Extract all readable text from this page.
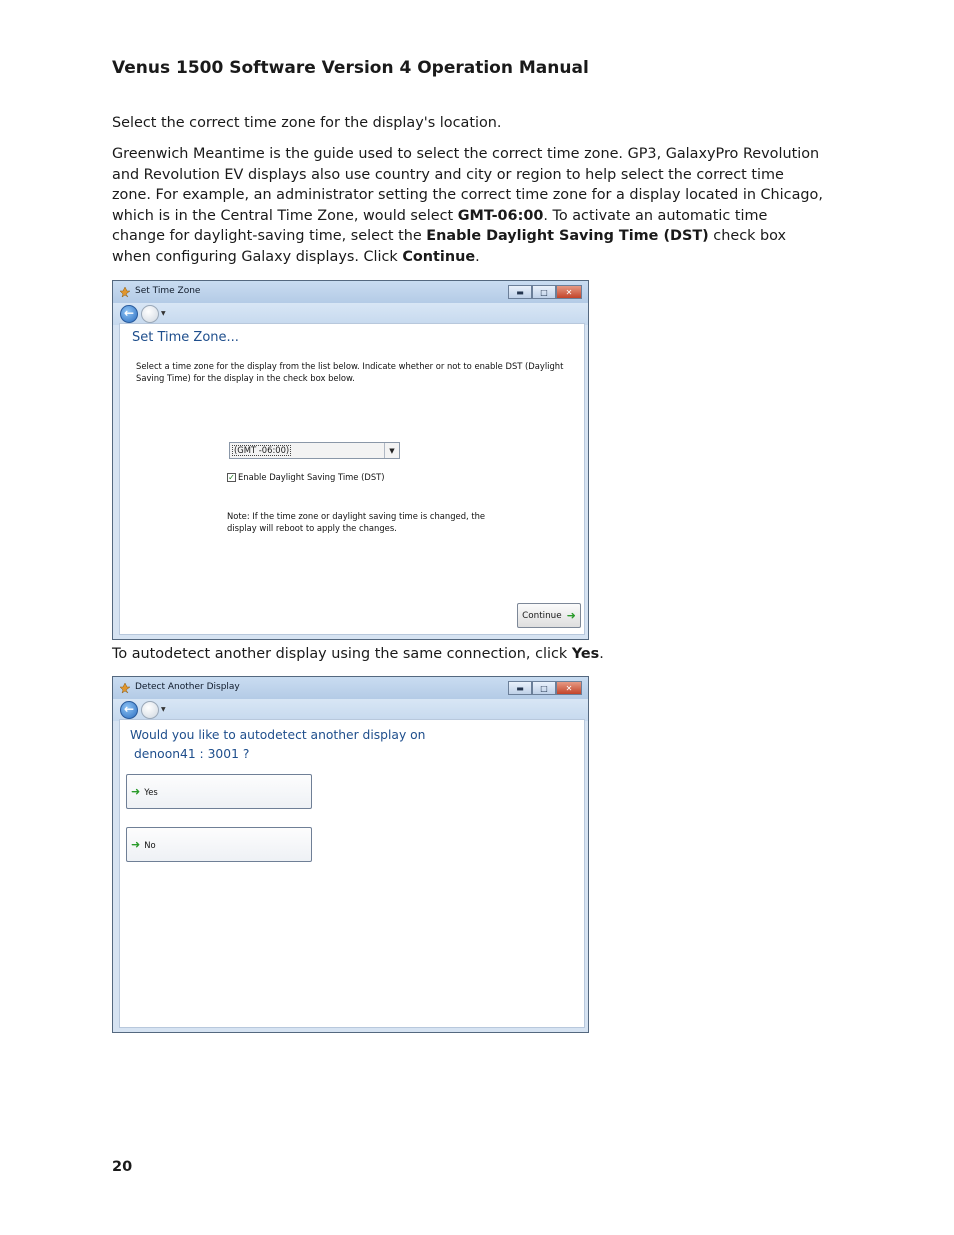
Venus 1500 Software Version 4 Operation Manual
Select the correct time zone for the display's location.
Greenwich Meantime is the guide used to select the correct time zone. GP3, GalaxyPro Revolution and Revolution EV displays also use country and city or region to help select the correct time zone. For example, an administrator setting the correct time zone for a display located in Chicago, which is in the Central Time Zone, would select GMT-06:00. To activate an automatic time change for daylight-saving time, select the Enable Daylight Saving Time (DST) check box when configuring Galaxy displays. Click Continue.
Set Time Zone	▬	□	✕
←	▼
Set Time Zone...
Select a time zone for the display from the list below. Indicate whether or not to enable DST (Daylight Saving Time) for the display in the check box below.
(GMT -06:00)	▼
✓ Enable Daylight Saving Time (DST)
Note: If the time zone or daylight saving time is changed, the display will reboot to apply the changes.
Continue ➜
To autodetect another display using the same connection, click Yes.
Detect Another Display	▬	□	✕
←	▼
Would you like to autodetect another display on
denoon41 : 3001 ?
➜ Yes
➜ No
20
